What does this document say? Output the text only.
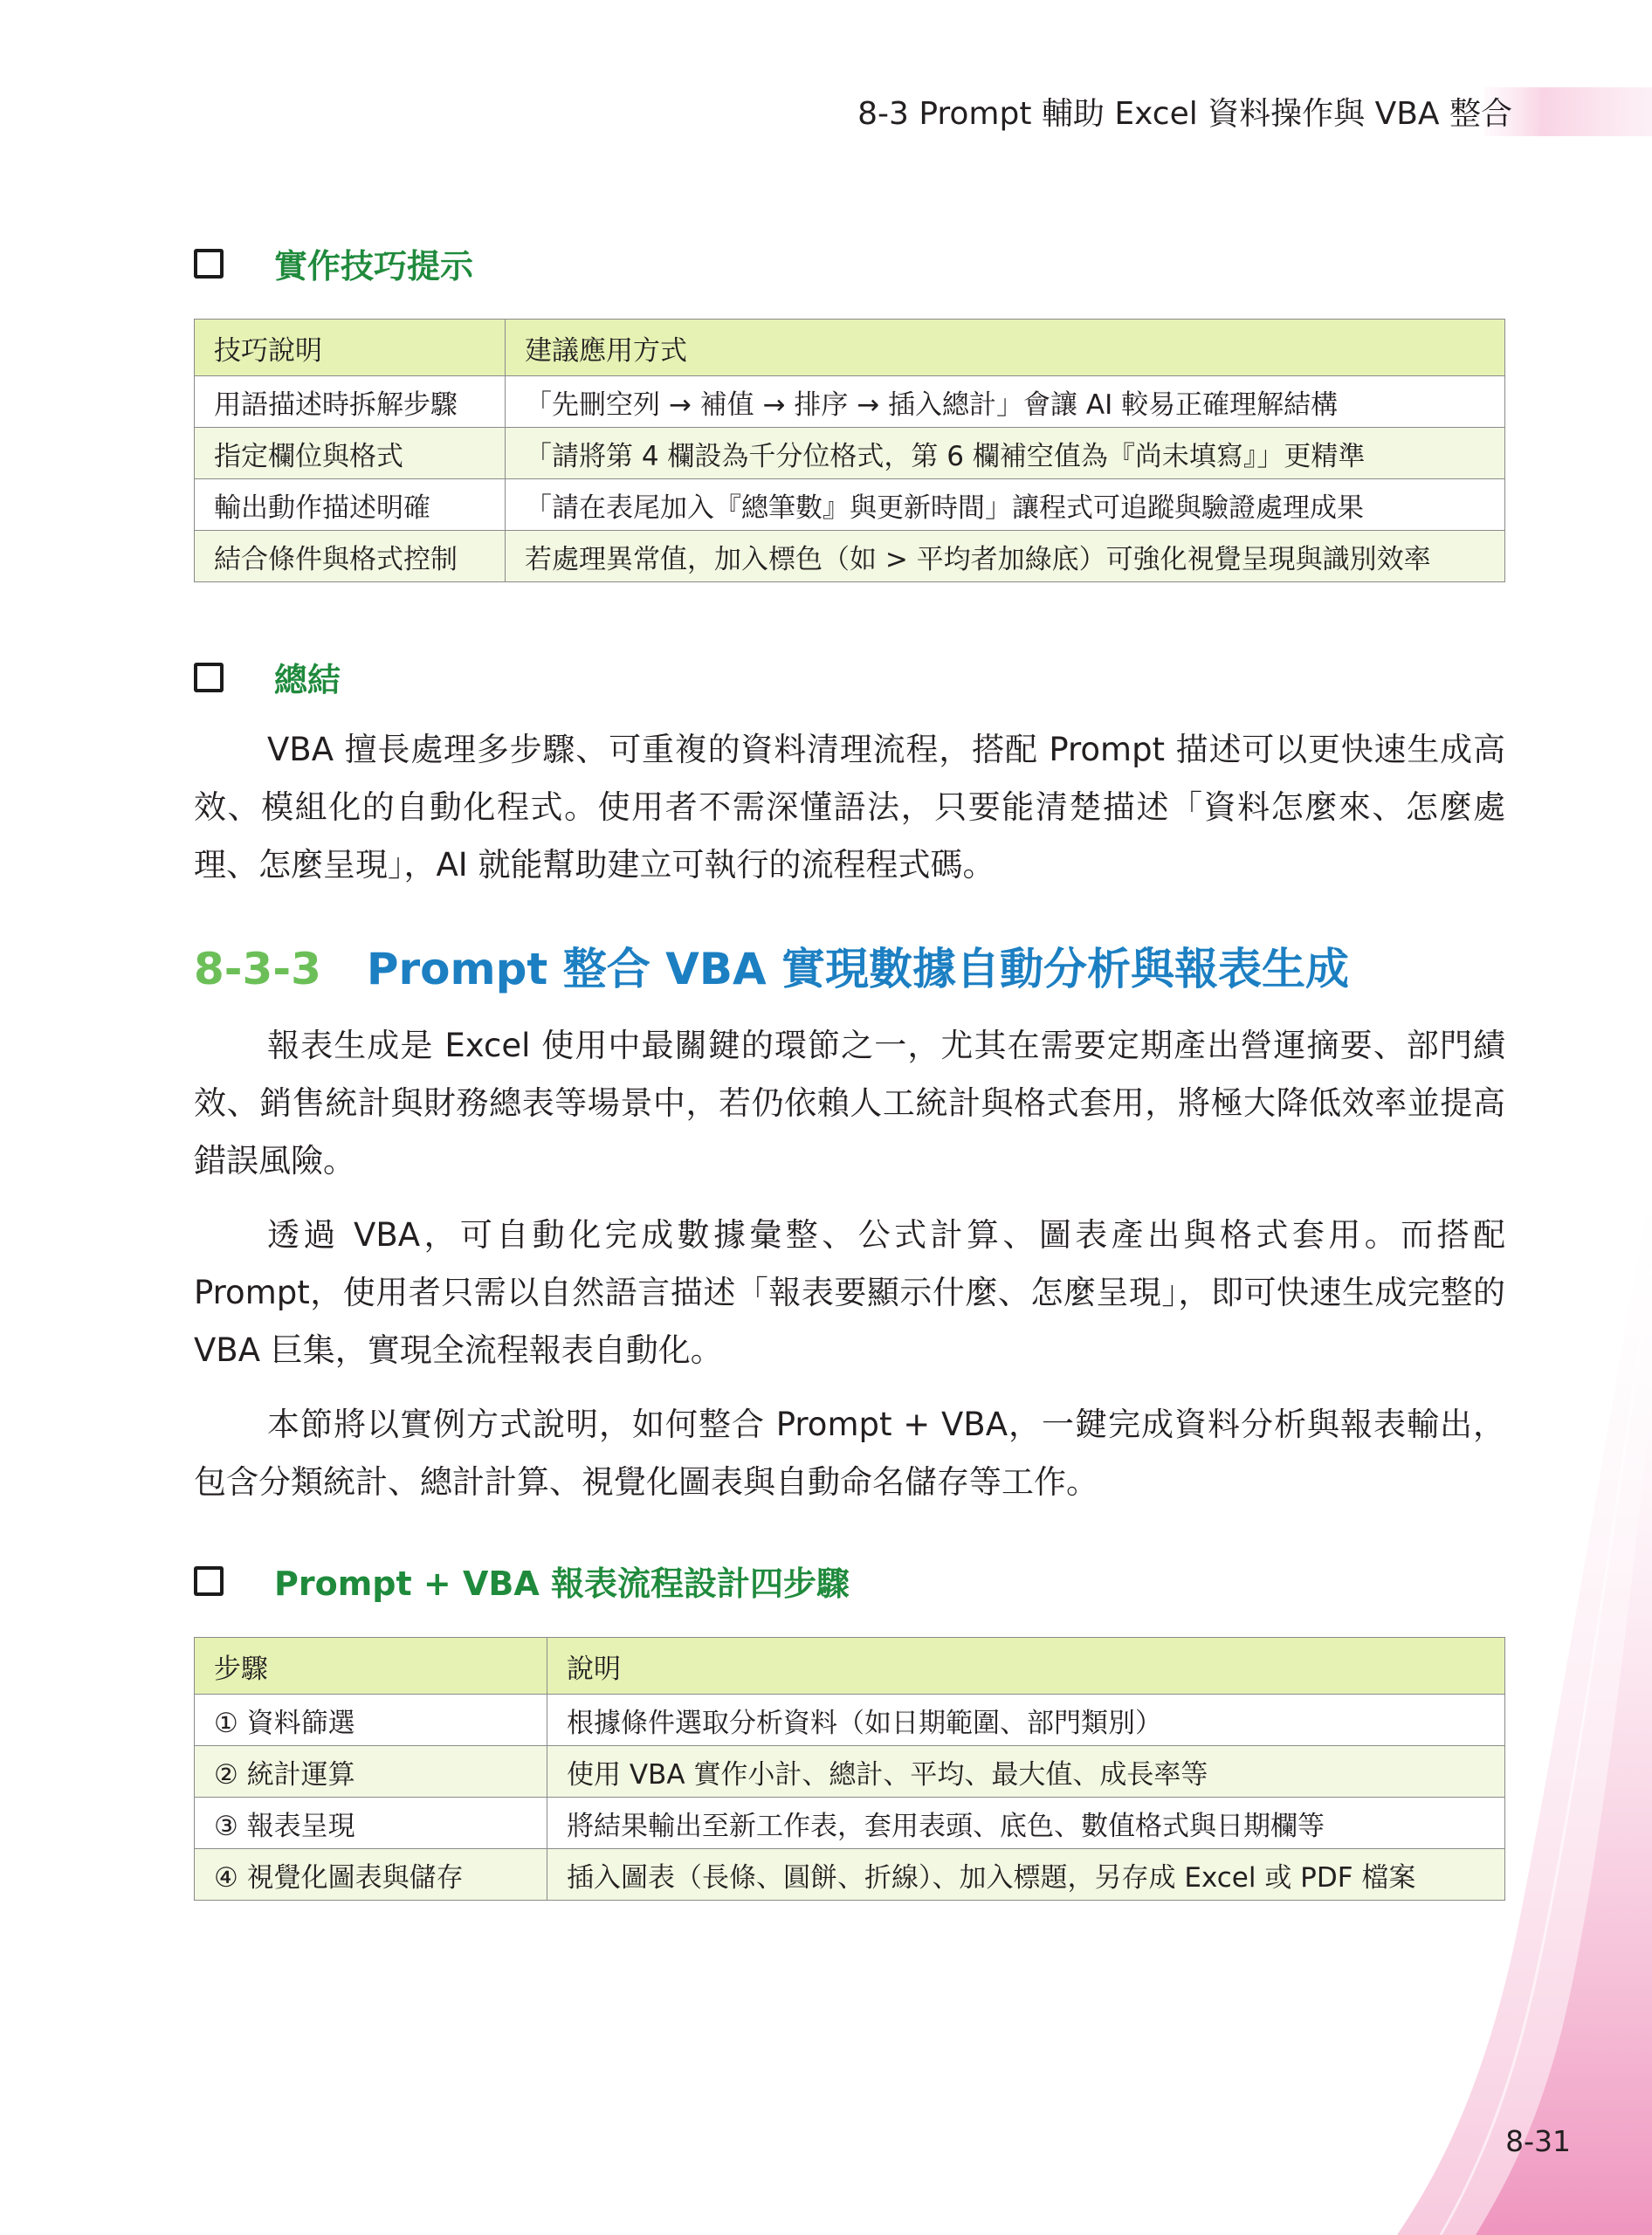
8-3 Prompt 輔助 Excel 資料操作與 VBA 整合
實作技巧提示
技巧說明	建議應用方式
用語描述時拆解步驟	「先刪空列 → 補值 → 排序 → 插入總計」會讓 AI 較易正確理解結構
指定欄位與格式	「請將第 4 欄設為千分位格式，第 6 欄補空值為『尚未填寫』」更精準
輸出動作描述明確	「請在表尾加入『總筆數』與更新時間」讓程式可追蹤與驗證處理成果
結合條件與格式控制	若處理異常值，加入標色（如 > 平均者加綠底）可強化視覺呈現與識別效率
總結

VBA 擅長處理多步驟、可重複的資料清理流程，搭配 Prompt 描述可以更快速生成高效、模組化的自動化程式。使用者不需深懂語法，只要能清楚描述「資料怎麼來、怎麼處理、怎麼呈現」，AI 就能幫助建立可執行的流程程式碼。

8-3-3 Prompt 整合 VBA 實現數據自動分析與報表生成

報表生成是 Excel 使用中最關鍵的環節之一，尤其在需要定期產出營運摘要、部門績效、銷售統計與財務總表等場景中，若仍依賴人工統計與格式套用，將極大降低效率並提高錯誤風險。

透過 VBA，可自動化完成數據彙整、公式計算、圖表產出與格式套用。而搭配 Prompt，使用者只需以自然語言描述「報表要顯示什麼、怎麼呈現」，即可快速生成完整的 VBA 巨集，實現全流程報表自動化。

本節將以實例方式說明，如何整合 Prompt + VBA，一鍵完成資料分析與報表輸出，包含分類統計、總計計算、視覺化圖表與自動命名儲存等工作。

Prompt + VBA 報表流程設計四步驟
步驟	說明
① 資料篩選	根據條件選取分析資料（如日期範圍、部門類別）
② 統計運算	使用 VBA 實作小計、總計、平均、最大值、成長率等
③ 報表呈現	將結果輸出至新工作表，套用表頭、底色、數值格式與日期欄等
④ 視覺化圖表與儲存	插入圖表（長條、圓餅、折線）、加入標題，另存成 Excel 或 PDF 檔案
8-31
